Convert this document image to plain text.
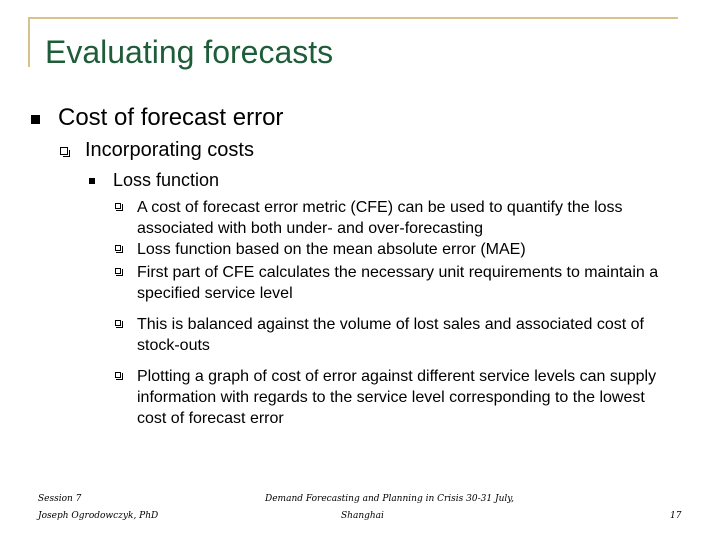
Evaluating forecasts
Cost of forecast error
Incorporating costs
Loss function
A cost of forecast error metric (CFE) can be used to quantify the loss associated with both under- and over-forecasting
Loss function based on the mean absolute error (MAE)
First part of CFE calculates the necessary unit requirements to maintain a specified service level
This is balanced against the volume of lost sales and associated cost of stock-outs
Plotting a graph of cost of error against different service levels can supply information with regards to the service level corresponding to the lowest cost of forecast error
Session 7
Joseph Ogrodowczyk, PhD
Demand Forecasting and Planning in Crisis 30-31 July,
Shanghai	17
